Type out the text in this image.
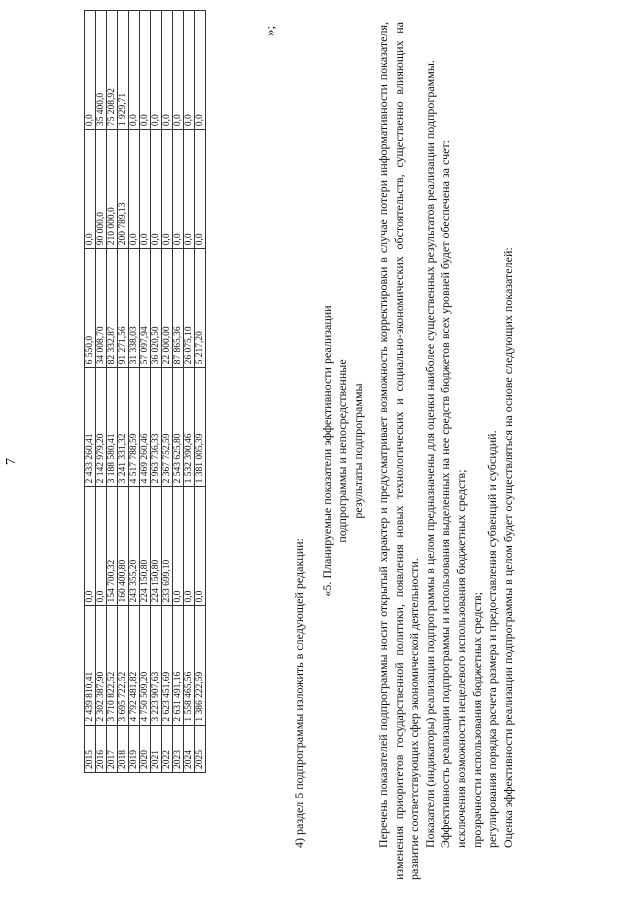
7
2015	2 439 810,41	0,0	2 433 260,41	6 550,0	0,0	0,0
2016	2 302 387,90	0,0	2 142 979,20	34 008,70	90 000,0	35 400,0
2017	3 710 822,52	154 700,32	3 188 580,41	82 332,87	210 000,0	75 208,92
2018	3 695 722,52	160 400,80	3 241 331,32	91 271,56	200 789,13	1 929,71
2019	4 792 481,82	243 355,20	4 517 788,59	31 338,03	0,0	0,0
2020	4 750 509,20	224 150,80	4 469 260,46	57 097,94	0,0	0,0
2021	3 223 907,63	224 150,80	2 963 736,33	36 020,50	0,0	0,0
2022	2 623 451,69	233 699,10	2 367 752,59	22 000,00	0,0	0,0
2023	2 631 491,16	0,0	2 543 625,80	87 865,36	0,0	0,0
2024	1 558 465,56	0,0	1 532 390,46	26 075,10	0,0	0,0
2025	1 386 222,59	0,0	1 381 005,39	5 217,20	0,0	0,0
»;

4) раздел 5 подпрограммы изложить в следующей редакции:

«5. Планируемые показатели эффективности реализации подпрограммы и непосредственные результаты подпрограммы Перечень показателей подпрограммы носит открытый характер и предусматривает возможность корректировки в случае потери информативности показателя, изменения приоритетов государственной политики, появления новых технологических и социально-экономических обстоятельств, существенно влияющих на развитие соответствующих сфер экономической деятельности. Показатели (индикаторы) реализации подпрограммы в целом предназначены для оценки наиболее существенных результатов реализации подпрограммы. Эффективность реализации подпрограммы и использования выделенных на нее средств бюджетов всех уровней будет обеспечена за счет: исключения возможности нецелевого использования бюджетных средств; прозрачности использования бюджетных средств; регулирования порядка расчета размера и предоставления субвенций и субсидий. Оценка эффективности реализации подпрограммы в целом будет осуществляться на основе следующих показателей:
